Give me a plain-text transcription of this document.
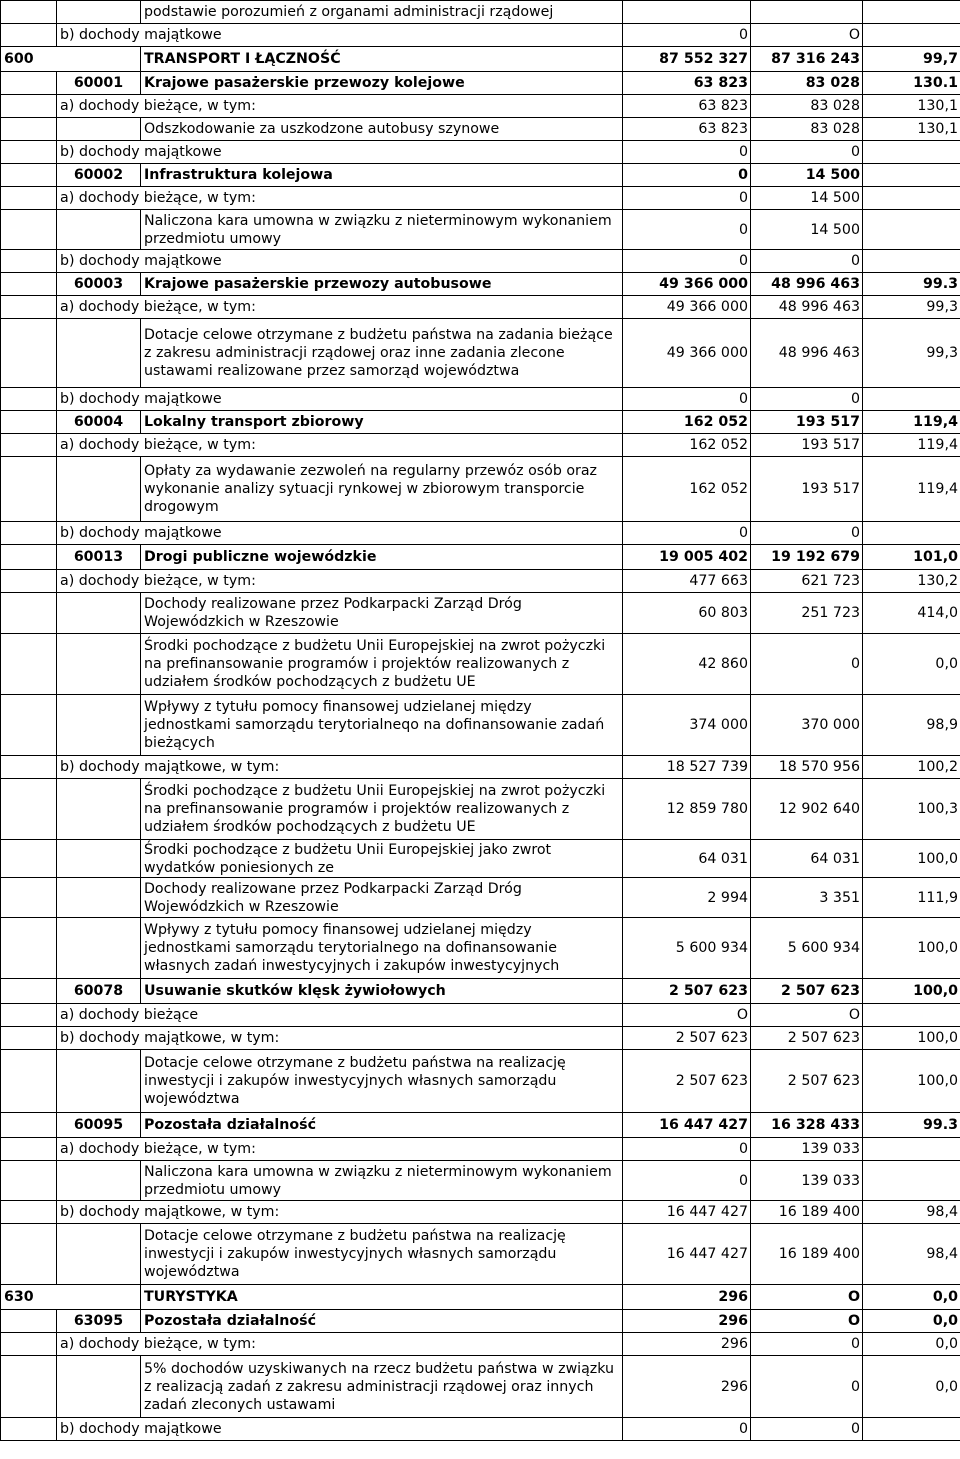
		podstawie porozumień z organami administracji rządowej			
	b) dochody majątkowe		0	O	
600		TRANSPORT I ŁĄCZNOŚĆ	87 552 327	87 316 243	99,7
	60001	Krajowe pasażerskie przewozy kolejowe	63 823	83 028	130.1
	a) dochody bieżące, w tym:		63 823	83 028	130,1
		Odszkodowanie za uszkodzone autobusy szynowe	63 823	83 028	130,1
	b) dochody majątkowe		0	0	
	60002	Infrastruktura kolejowa	0	14 500	
	a) dochody bieżące, w tym:		0	14 500	
		Naliczona kara umowna w związku z nieterminowym wykonaniem przedmiotu umowy	0	14 500	
	b) dochody majątkowe		0	0	
	60003	Krajowe pasażerskie przewozy autobusowe	49 366 000	48 996 463	99.3
	a) dochody bieżące, w tym:		49 366 000	48 996 463	99,3
		Dotacje celowe otrzymane z budżetu państwa na zadania bieżące z zakresu administracji rządowej oraz inne zadania zlecone ustawami realizowane przez samorząd województwa	49 366 000	48 996 463	99,3
	b) dochody majątkowe		0	0	
	60004	Lokalny transport zbiorowy	162 052	193 517	119,4
	a) dochody bieżące, w tym:		162 052	193 517	119,4
		Opłaty za wydawanie zezwoleń na regularny przewóz osób oraz wykonanie analizy sytuacji rynkowej w zbiorowym transporcie drogowym	162 052	193 517	119,4
	b) dochody majątkowe		0	0	
	60013	Drogi publiczne wojewódzkie	19 005 402	19 192 679	101,0
	a) dochody bieżące, w tym:		477 663	621 723	130,2
		Dochody realizowane przez Podkarpacki Zarząd Dróg Wojewódzkich w Rzeszowie	60 803	251 723	414,0
		Środki pochodzące z budżetu Unii Europejskiej na zwrot pożyczki na prefinansowanie programów i projektów realizowanych z udziałem środków pochodzących z budżetu UE	42 860	0	0,0
		Wpływy z tytułu pomocy finansowej udzielanej między jednostkami samorządu terytorialneqo na dofinansowanie zadań bieżących	374 000	370 000	98,9
	b) dochody majątkowe, w tym:		18 527 739	18 570 956	100,2
		Środki pochodzące z budżetu Unii Europejskiej na zwrot pożyczki na prefinansowanie programów i projektów realizowanych z udziałem środków pochodzących z budżetu UE	12 859 780	12 902 640	100,3
		Środki pochodzące z budżetu Unii Europejskiej jako zwrot wydatków poniesionych ze	64 031	64 031	100,0
		Dochody realizowane przez Podkarpacki Zarząd Dróg Wojewódzkich w Rzeszowie	2 994	3 351	111,9
		Wpływy z tytułu pomocy finansowej udzielanej między jednostkami samorządu terytorialnego na dofinansowanie własnych zadań inwestycyjnych i zakupów inwestycyjnych	5 600 934	5 600 934	100,0
	60078	Usuwanie skutków klęsk żywiołowych	2 507 623	2 507 623	100,0
	a) dochody bieżące		O	O	
	b) dochody majątkowe, w tym:		2 507 623	2 507 623	100,0
		Dotacje celowe otrzymane z budżetu państwa na realizację inwestycji i zakupów inwestycyjnych własnych samorządu województwa	2 507 623	2 507 623	100,0
	60095	Pozostała działalność	16 447 427	16 328 433	99.3
	a) dochody bieżące, w tym:		0	139 033	
		Naliczona kara umowna w związku z nieterminowym wykonaniem przedmiotu umowy	0	139 033	
	b) dochody majątkowe, w tym:		16 447 427	16 189 400	98,4
		Dotacje celowe otrzymane z budżetu państwa na realizację inwestycji i zakupów inwestycyjnych własnych samorządu województwa	16 447 427	16 189 400	98,4
630		TURYSTYKA	296	O	0,0
	63095	Pozostała działalność	296	O	0,0
	a) dochody bieżące, w tym:		296	0	0,0
		5% dochodów uzyskiwanych na rzecz budżetu państwa w związku z realizacją zadań z zakresu administracji rządowej oraz innych zadań zleconych ustawami	296	0	0,0
	b) dochody majątkowe		0	0	
